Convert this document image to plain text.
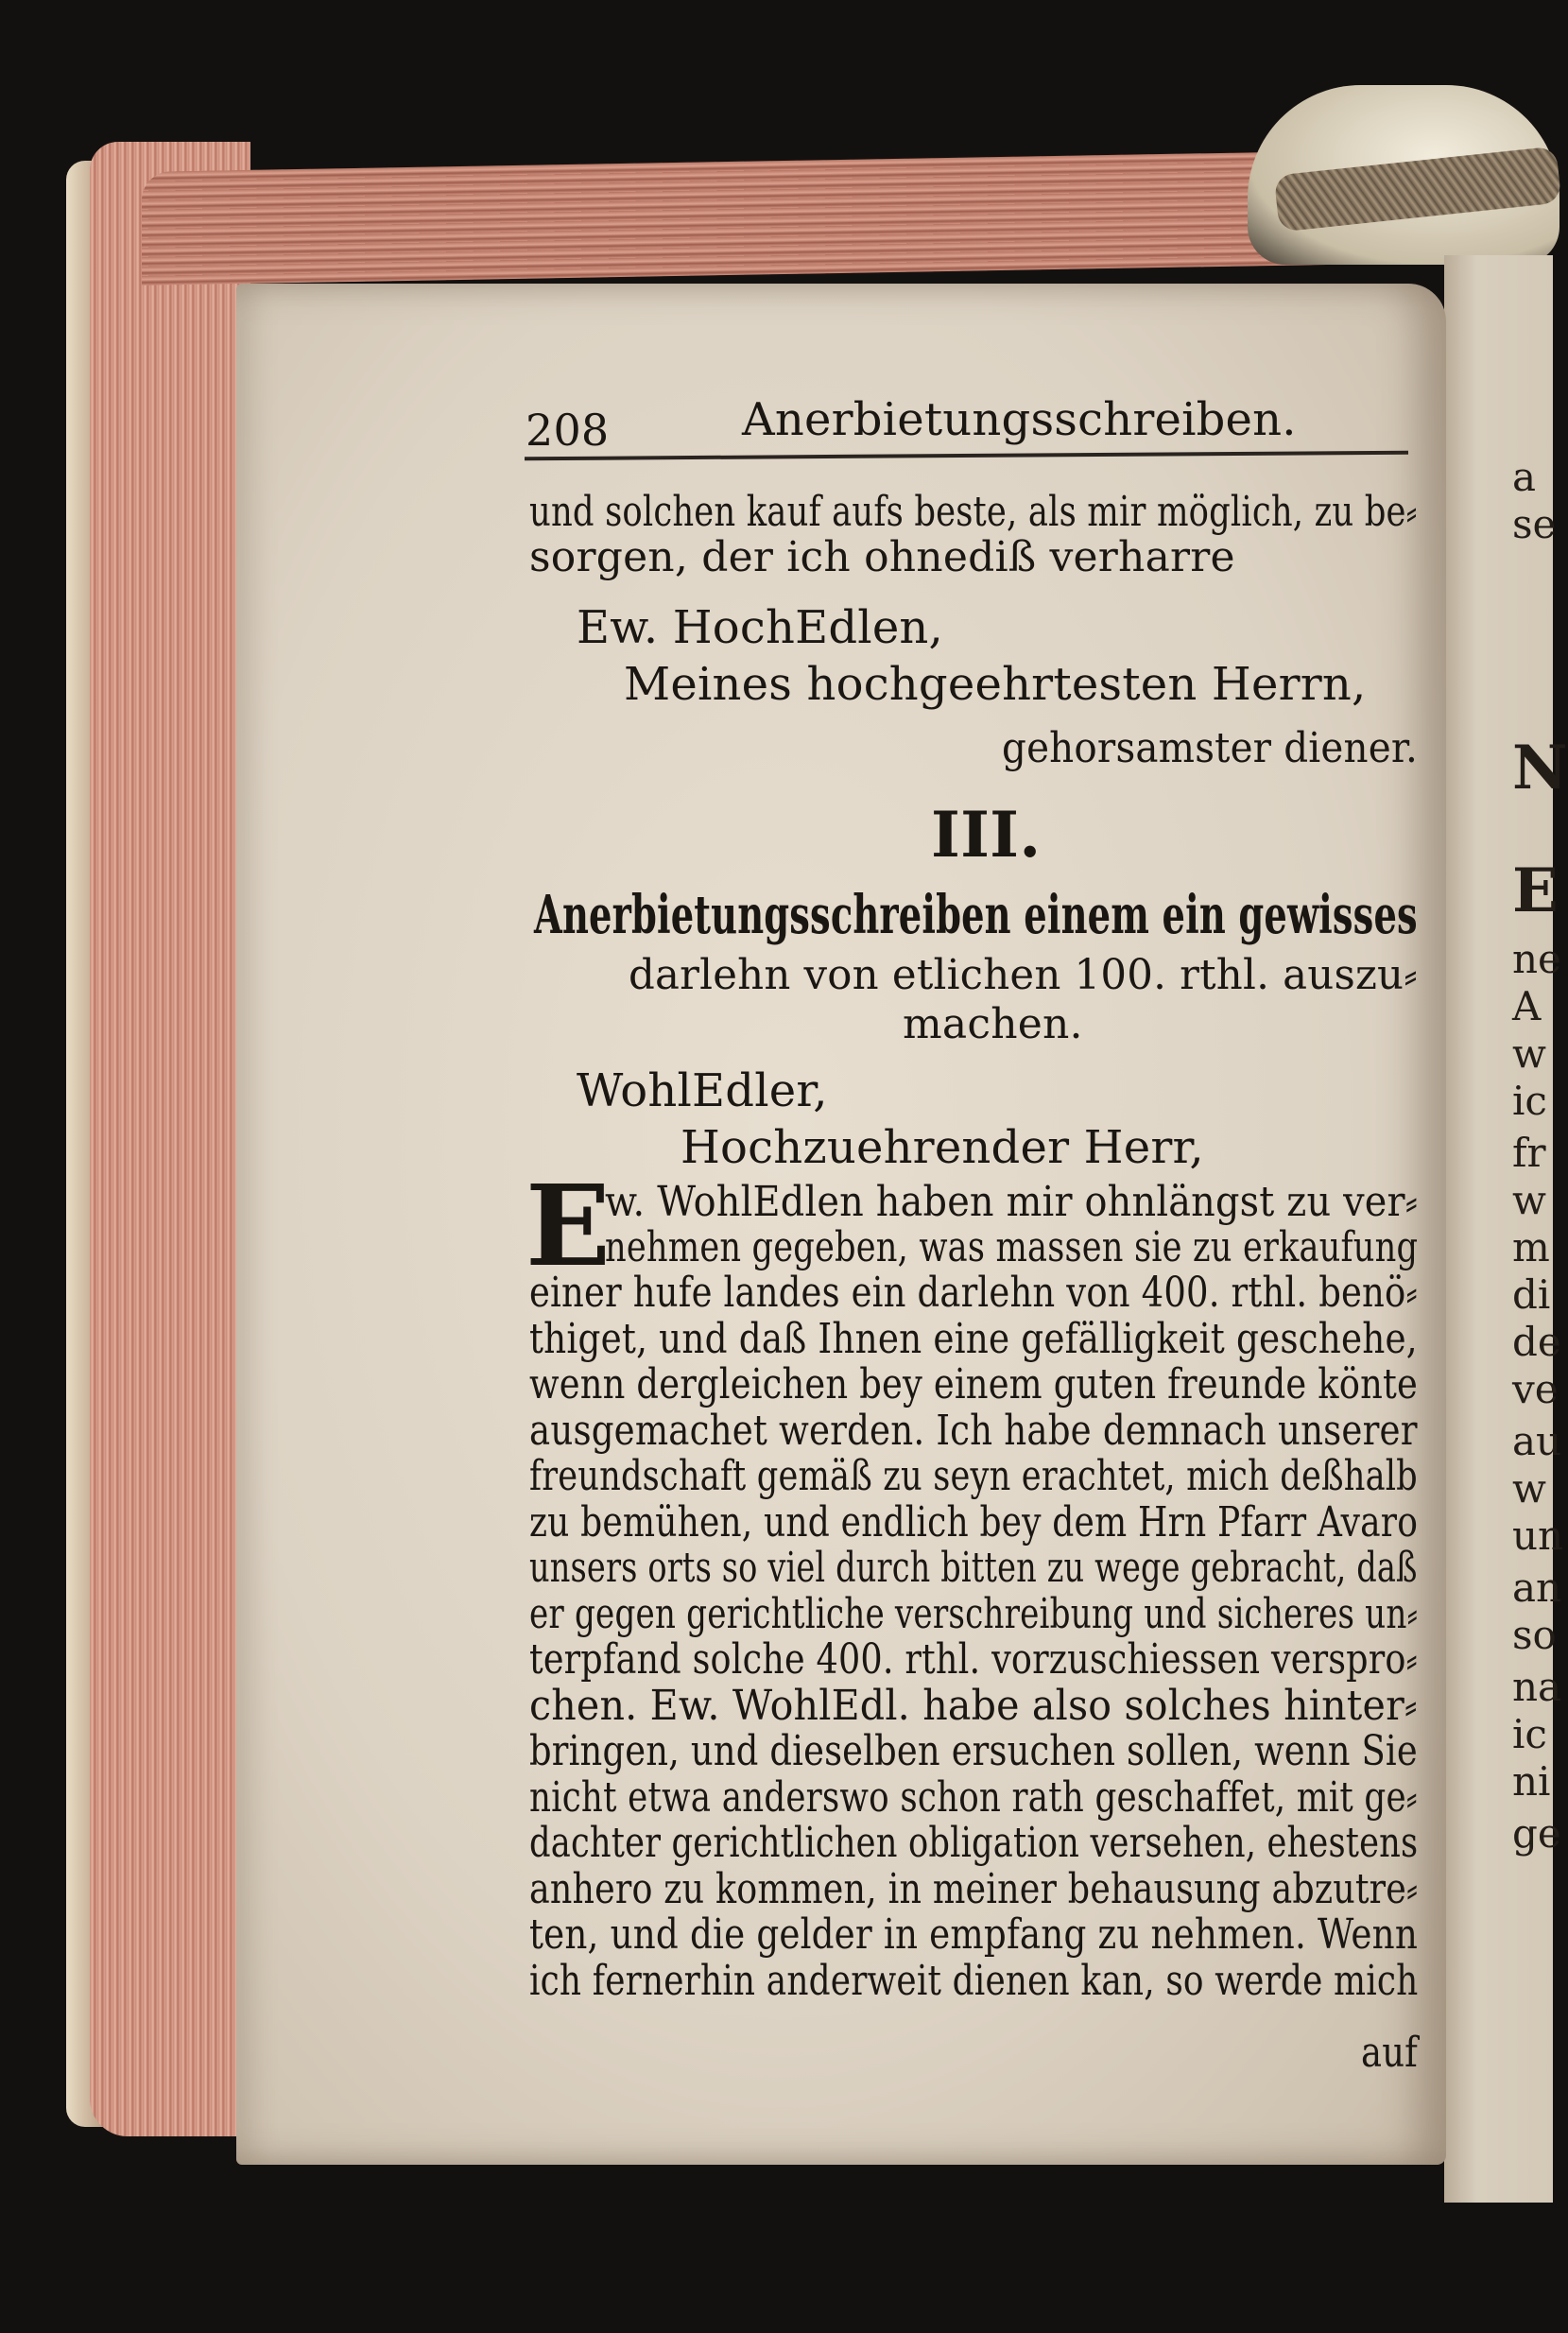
208	Anerbietungsschreiben.
und solchen kauf aufs beste, als mir möglich, zu be⸗
sorgen, der ich ohnediß verharre
Ew. HochEdlen,
Meines hochgeehrtesten Herrn,
gehorsamster diener.
III.
Anerbietungsschreiben einem ein gewisses
darlehn von etlichen 100. rthl. auszu⸗
machen.
WohlEdler,
Hochzuehrender Herr,
E
w. WohlEdlen haben mir ohnlängst zu ver⸗
nehmen gegeben, was massen sie zu erkaufung
einer hufe landes ein darlehn von 400. rthl. benö⸗
thiget, und daß Ihnen eine gefälligkeit geschehe,
wenn dergleichen bey einem guten freunde könte
ausgemachet werden. Ich habe demnach unserer
freundschaft gemäß zu seyn erachtet, mich deßhalb
zu bemühen, und endlich bey dem Hrn Pfarr Avaro
unsers orts so viel durch bitten zu wege gebracht, daß
er gegen gerichtliche verschreibung und sicheres un⸗
terpfand solche 400. rthl. vorzuschiessen verspro⸗
chen. Ew. WohlEdl. habe also solches hinter⸗
bringen, und dieselben ersuchen sollen, wenn Sie
nicht etwa anderswo schon rath geschaffet, mit ge⸗
dachter gerichtlichen obligation versehen, ehestens
anhero zu kommen, in meiner behausung abzutre⸗
ten, und die gelder in empfang zu nehmen. Wenn
ich fernerhin anderweit dienen kan, so werde mich
auf
a
se
N
E
ne
A
w
ic
fr
w
m
di
de
ve
au
w
un
an
so
na
ic
ni
ge
